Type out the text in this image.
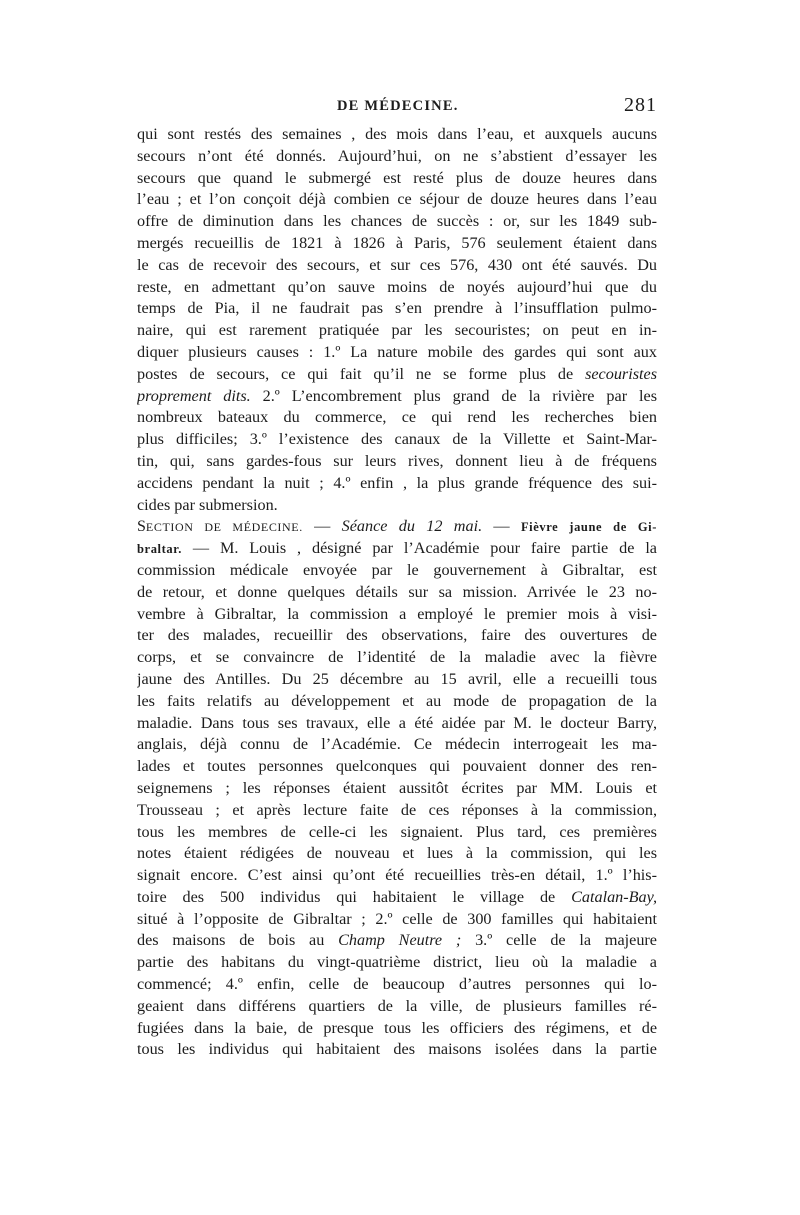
DE MÉDECINE.	281
qui sont restés des semaines , des mois dans l’eau, et auxquels aucuns
secours n’ont été donnés. Aujourd’hui, on ne s’abstient d’essayer les
secours que quand le submergé est resté plus de douze heures dans
l’eau ; et l’on conçoit déjà combien ce séjour de douze heures dans l’eau
offre de diminution dans les chances de succès : or, sur les 1849 sub-
mergés recueillis de 1821 à 1826 à Paris, 576 seulement étaient dans
le cas de recevoir des secours, et sur ces 576, 430 ont été sauvés. Du
reste, en admettant qu’on sauve moins de noyés aujourd’hui que du
temps de Pia, il ne faudrait pas s’en prendre à l’insufflation pulmo-
naire, qui est rarement pratiquée par les secouristes; on peut en in-
diquer plusieurs causes : 1.º La nature mobile des gardes qui sont aux
postes de secours, ce qui fait qu’il ne se forme plus de secouristes
proprement dits. 2.º L’encombrement plus grand de la rivière par les
nombreux bateaux du commerce, ce qui rend les recherches bien
plus difficiles; 3.º l’existence des canaux de la Villette et Saint-Mar-
tin, qui, sans gardes-fous sur leurs rives, donnent lieu à de fréquens
accidens pendant la nuit ; 4.º enfin , la plus grande fréquence des sui-
cides par submersion.
SECTION DE MÉDECINE. — Séance du 12 mai. — Fièvre jaune de Gi-
braltar. — M. Louis , désigné par l’Académie pour faire partie de la
commission médicale envoyée par le gouvernement à Gibraltar, est
de retour, et donne quelques détails sur sa mission. Arrivée le 23 no-
vembre à Gibraltar, la commission a employé le premier mois à visi-
ter des malades, recueillir des observations, faire des ouvertures de
corps, et se convaincre de l’identité de la maladie avec la fièvre
jaune des Antilles. Du 25 décembre au 15 avril, elle a recueilli tous
les faits relatifs au développement et au mode de propagation de la
maladie. Dans tous ses travaux, elle a été aidée par M. le docteur Barry,
anglais, déjà connu de l’Académie. Ce médecin interrogeait les ma-
lades et toutes personnes quelconques qui pouvaient donner des ren-
seignemens ; les réponses étaient aussitôt écrites par MM. Louis et
Trousseau ; et après lecture faite de ces réponses à la commission,
tous les membres de celle-ci les signaient. Plus tard, ces premières
notes étaient rédigées de nouveau et lues à la commission, qui les
signait encore. C’est ainsi qu’ont été recueillies très-en détail, 1.º l’his-
toire des 500 individus qui habitaient le village de Catalan-Bay,
situé à l’opposite de Gibraltar ; 2.º celle de 300 familles qui habitaient
des maisons de bois au Champ Neutre ; 3.º celle de la majeure
partie des habitans du vingt-quatrième district, lieu où la maladie a
commencé; 4.º enfin, celle de beaucoup d’autres personnes qui lo-
geaient dans différens quartiers de la ville, de plusieurs familles ré-
fugiées dans la baie, de presque tous les officiers des régimens, et de
tous les individus qui habitaient des maisons isolées dans la partie
